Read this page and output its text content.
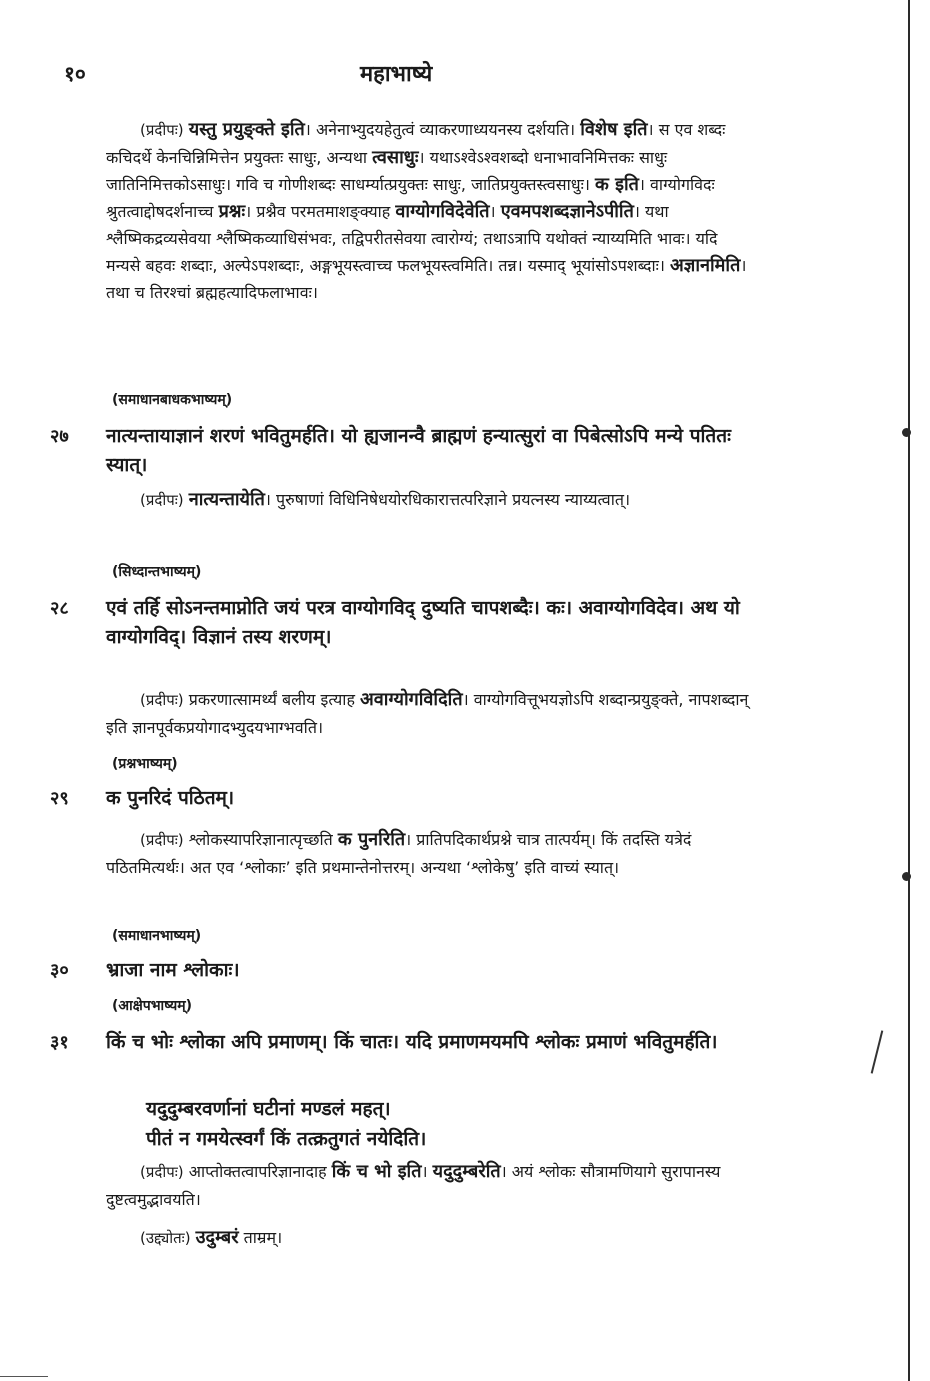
१०	महाभाष्ये

(प्रदीपः) यस्तु प्रयुङ्क्ते इति। अनेनाभ्युदयहेतुत्वं व्याकरणाध्ययनस्य दर्शयति। विशेष इति। स एव शब्दः कचिदर्थे केनचिन्निमित्तेन प्रयुक्तः साधुः, अन्यथा त्वसाधुः। यथाऽश्वेऽश्वशब्दो धनाभावनिमित्तकः साधुः जातिनिमित्तकोऽसाधुः। गवि च गोणीशब्दः साधर्म्यात्प्रयुक्तः साधुः, जातिप्रयुक्तस्त्वसाधुः। क इति। वाग्योगविदः श्रुतत्वाद्दोषदर्शनाच्च प्रश्नः। प्रश्नैव परमतमाशङ्क्याह वाग्योगविदेवेति। एवमपशब्दज्ञानेऽपीति। यथा श्लैष्मिकद्रव्यसेवया श्लैष्मिकव्याधिसंभवः, तद्विपरीतसेवया त्वारोग्यं; तथाऽत्रापि यथोक्तं न्याय्यमिति भावः। यदि मन्यसे बहवः शब्दाः, अल्पेऽपशब्दाः, अङ्गभूयस्त्वाच्च फलभूयस्त्वमिति। तन्न। यस्माद् भूयांसोऽपशब्दाः। अज्ञानमिति। तथा च तिरश्चां ब्रह्महत्यादिफलाभावः।

(समाधानबाधकभाष्यम्)
२७ नात्यन्तायाज्ञानं शरणं भवितुमर्हति। यो ह्यजानन्वै ब्राह्मणं हन्यात्सुरां वा पिबेत्सोऽपि मन्ये पतितः स्यात्।

(प्रदीपः) नात्यन्तायेति। पुरुषाणां विधिनिषेधयोरधिकारात्तत्परिज्ञाने प्रयत्नस्य न्याय्यत्वात्।

(सिध्दान्तभाष्यम्)
२८ एवं तर्हि सोऽनन्तमाप्नोति जयं परत्र वाग्योगविद् दुष्यति चापशब्दैः। कः। अवाग्योगविदेव। अथ यो वाग्योगविद्। विज्ञानं तस्य शरणम्।

(प्रदीपः) प्रकरणात्सामर्थ्यं बलीय इत्याह अवाग्योगविदिति। वाग्योगवित्तूभयज्ञोऽपि शब्दान्प्रयुङ्क्ते, नापशब्दान् इति ज्ञानपूर्वकप्रयोगादभ्युदयभाग्भवति।

(प्रश्नभाष्यम्)
२९ क पुनरिदं पठितम्।

(प्रदीपः) श्लोकस्यापरिज्ञानात्पृच्छति क पुनरिति। प्रातिपदिकार्थप्रश्ने चात्र तात्पर्यम्। किं तदस्ति यत्रेदं पठितमित्यर्थः। अत एव ‘श्लोकाः’ इति प्रथमान्तेनोत्तरम्। अन्यथा ‘श्लोकेषु’ इति वाच्यं स्यात्।

(समाधानभाष्यम्)
३० भ्राजा नाम श्लोकाः।

(आक्षेपभाष्यम्)
३१ किं च भोः श्लोका अपि प्रमाणम्। किं चातः। यदि प्रमाणमयमपि श्लोकः प्रमाणं भवितुमर्हति।

यदुदुम्बरवर्णानां घटीनां मण्डलं महत्।

पीतं न गमयेत्स्वर्गं किं तत्क्रतुगतं नयेदिति।

(प्रदीपः) आप्तोक्तत्वापरिज्ञानादाह किं च भो इति। यदुदुम्बरेति। अयं श्लोकः सौत्रामणियागे सुरापानस्य दुष्टत्वमुद्भावयति।

(उद्द्योतः) उदुम्बरं ताम्रम्।
